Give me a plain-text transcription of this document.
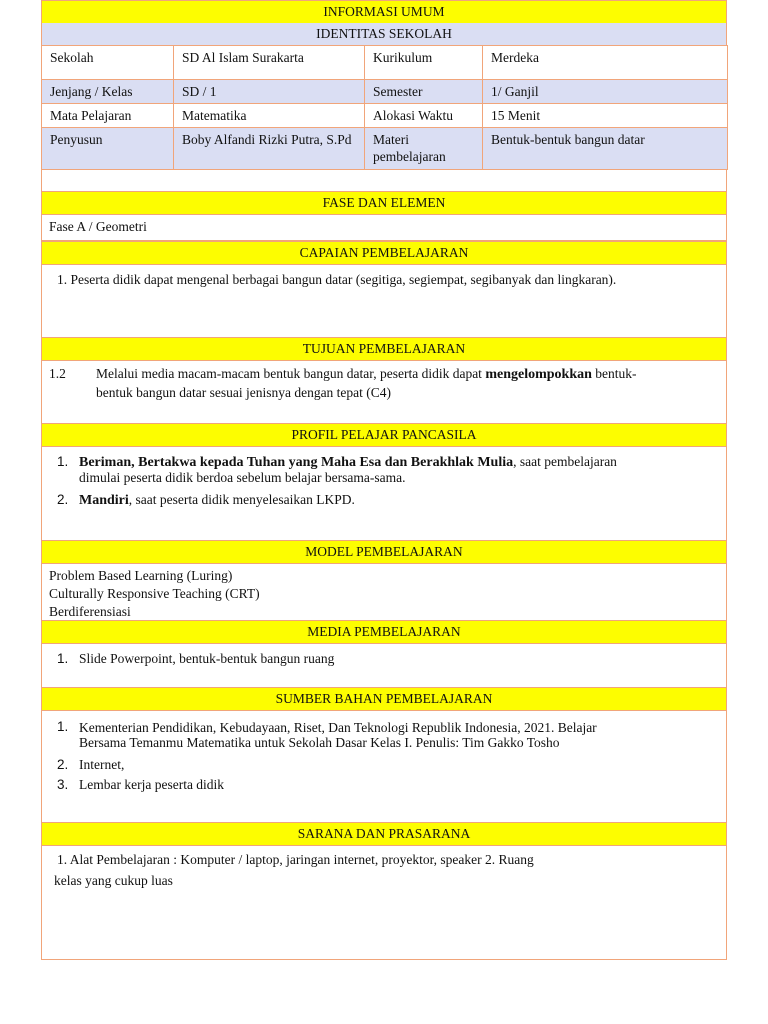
INFORMASI UMUM
IDENTITAS SEKOLAH
Sekolah	SD Al Islam Surakarta	Kurikulum	Merdeka
Jenjang / Kelas	SD / 1	Semester	1/ Ganjil
Mata Pelajaran	Matematika	Alokasi Waktu	15 Menit
Penyusun	Boby Alfandi Rizki Putra, S.Pd	Materi pembelajaran	Bentuk-bentuk bangun datar
FASE DAN ELEMEN
Fase A / Geometri
CAPAIAN PEMBELAJARAN
1. Peserta didik dapat mengenal berbagai bangun datar (segitiga, segiempat, segibanyak dan lingkaran).
TUJUAN PEMBELAJARAN
1.2 Melalui media macam-macam bentuk bangun datar, peserta didik dapat mengelompokkan bentuk-
bentuk bangun datar sesuai jenisnya dengan tepat (C4)
PROFIL PELAJAR PANCASILA
1. Beriman, Bertakwa kepada Tuhan yang Maha Esa dan Berakhlak Mulia, saat pembelajaran
dimulai peserta didik berdoa sebelum belajar bersama-sama.
2. Mandiri, saat peserta didik menyelesaikan LKPD.
MODEL PEMBELAJARAN
Problem Based Learning (Luring)
Culturally Responsive Teaching (CRT)
Berdiferensiasi
MEDIA PEMBELAJARAN
1. Slide Powerpoint, bentuk-bentuk bangun ruang
SUMBER BAHAN PEMBELAJARAN
1. Kementerian Pendidikan, Kebudayaan, Riset, Dan Teknologi Republik Indonesia, 2021. Belajar
Bersama Temanmu Matematika untuk Sekolah Dasar Kelas I. Penulis: Tim Gakko Tosho
2. Internet,
3. Lembar kerja peserta didik
SARANA DAN PRASARANA
1. Alat Pembelajaran : Komputer / laptop, jaringan internet, proyektor, speaker 2. Ruang
kelas yang cukup luas
